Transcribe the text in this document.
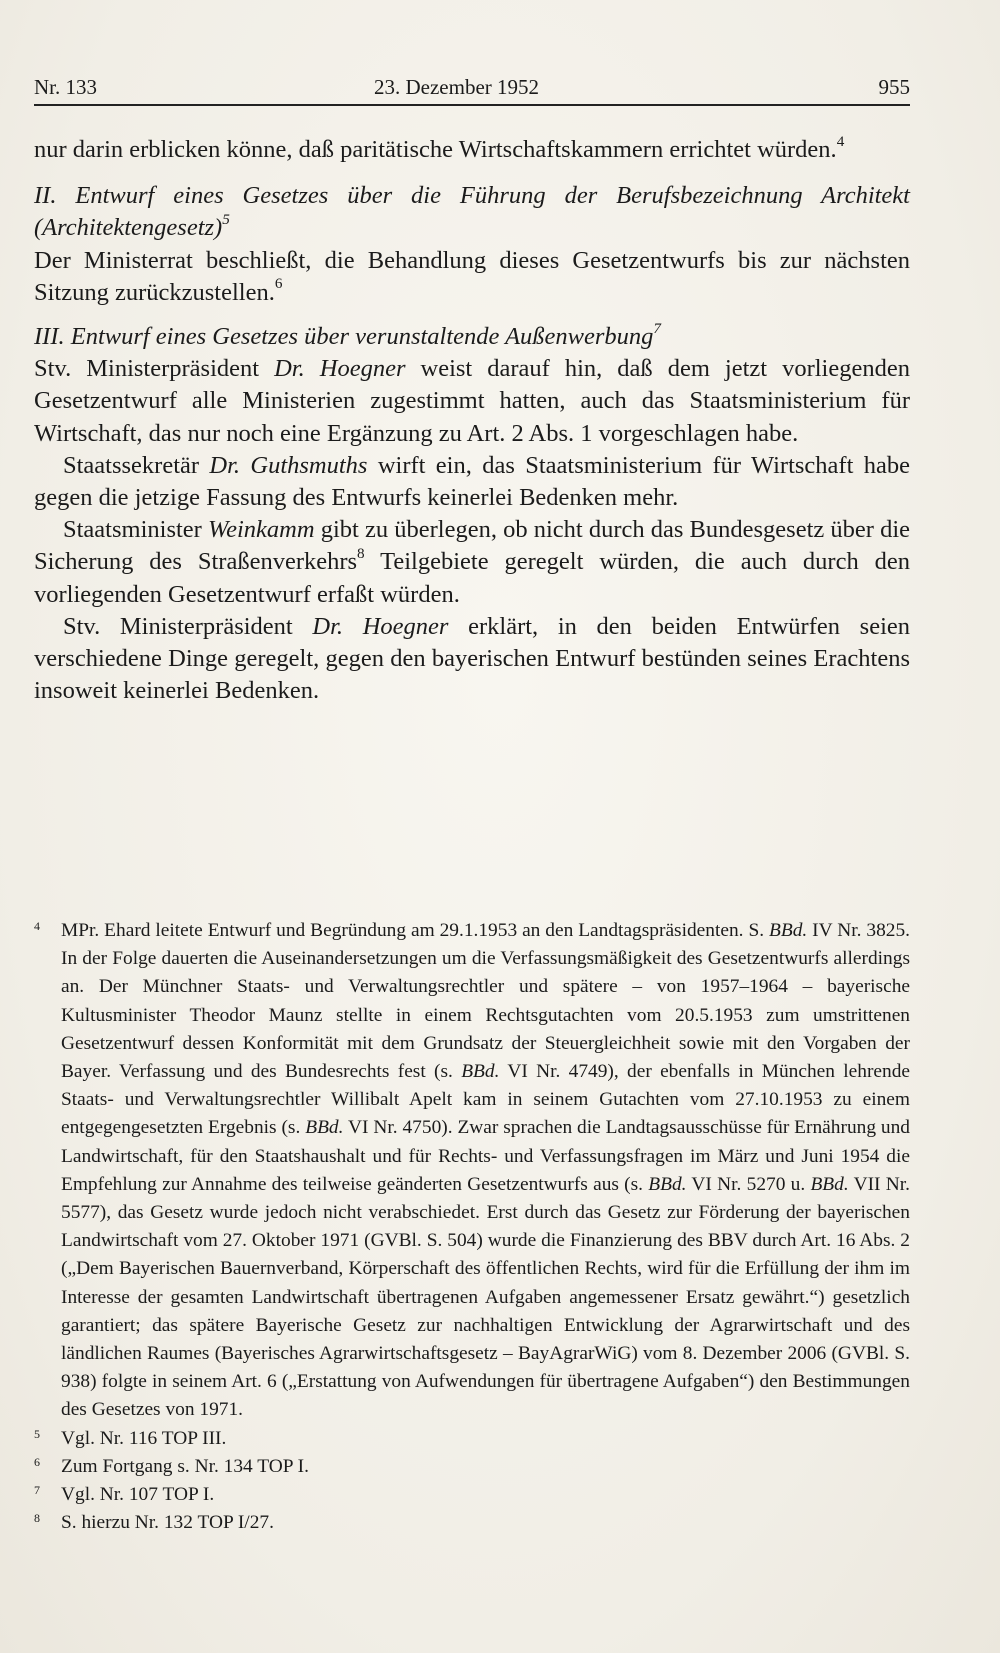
Nr. 133	23. Dezember 1952	955

nur darin erblicken könne, daß paritätische Wirtschaftskammern errichtet würden.$^4$

II. Entwurf eines Gesetzes über die Führung der Berufsbezeichnung Architekt (Architektengesetz)$^5$

Der Ministerrat beschließt, die Behandlung dieses Gesetzentwurfs bis zur nächsten Sitzung zurückzustellen.$^6$

III. Entwurf eines Gesetzes über verunstaltende Außenwerbung$^7$

Stv. Ministerpräsident Dr. Hoegner weist darauf hin, daß dem jetzt vorliegenden Gesetzentwurf alle Ministerien zugestimmt hatten, auch das Staatsministerium für Wirtschaft, das nur noch eine Ergänzung zu Art. 2 Abs. 1 vorgeschlagen habe.

Staatssekretär Dr. Guthsmuths wirft ein, das Staatsministerium für Wirtschaft habe gegen die jetzige Fassung des Entwurfs keinerlei Bedenken mehr.

Staatsminister Weinkamm gibt zu überlegen, ob nicht durch das Bundesgesetz über die Sicherung des Straßenverkehrs$^8$ Teilgebiete geregelt würden, die auch durch den vorliegenden Gesetzentwurf erfaßt würden.

Stv. Ministerpräsident Dr. Hoegner erklärt, in den beiden Entwürfen seien verschiedene Dinge geregelt, gegen den bayerischen Entwurf bestünden seines Erachtens insoweit keinerlei Bedenken.

4 MPr. Ehard leitete Entwurf und Begründung am 29.1.1953 an den Landtagspräsidenten. S. BBd. IV Nr. 3825. In der Folge dauerten die Auseinandersetzungen um die Verfassungsmäßigkeit des Gesetzentwurfs allerdings an. Der Münchner Staats- und Verwaltungsrechtler und spätere – von 1957–1964 – bayerische Kultusminister Theodor Maunz stellte in einem Rechtsgutachten vom 20.5.1953 zum umstrittenen Gesetzentwurf dessen Konformität mit dem Grundsatz der Steuergleichheit sowie mit den Vorgaben der Bayer. Verfassung und des Bundesrechts fest (s. BBd. VI Nr. 4749), der ebenfalls in München lehrende Staats- und Verwaltungsrechtler Willibalt Apelt kam in seinem Gutachten vom 27.10.1953 zu einem entgegengesetzten Ergebnis (s. BBd. VI Nr. 4750). Zwar sprachen die Landtagsausschüsse für Ernährung und Landwirtschaft, für den Staatshaushalt und für Rechts- und Verfassungsfragen im März und Juni 1954 die Empfehlung zur Annahme des teilweise geänderten Gesetzentwurfs aus (s. BBd. VI Nr. 5270 u. BBd. VII Nr. 5577), das Gesetz wurde jedoch nicht verabschiedet. Erst durch das Gesetz zur Förderung der bayerischen Landwirtschaft vom 27. Oktober 1971 (GVBl. S. 504) wurde die Finanzierung des BBV durch Art. 16 Abs. 2 („Dem Bayerischen Bauernverband, Körperschaft des öffentlichen Rechts, wird für die Erfüllung der ihm im Interesse der gesamten Landwirtschaft übertragenen Aufgaben angemessener Ersatz gewährt.“) gesetzlich garantiert; das spätere Bayerische Gesetz zur nachhaltigen Entwicklung der Agrarwirtschaft und des ländlichen Raumes (Bayerisches Agrarwirtschaftsgesetz – BayAgrarWiG) vom 8. Dezember 2006 (GVBl. S. 938) folgte in seinem Art. 6 („Erstattung von Aufwendungen für übertragene Aufgaben“) den Bestimmungen des Gesetzes von 1971.

5 Vgl. Nr. 116 TOP III.

6 Zum Fortgang s. Nr. 134 TOP I.

7 Vgl. Nr. 107 TOP I.

8 S. hierzu Nr. 132 TOP I/27.
